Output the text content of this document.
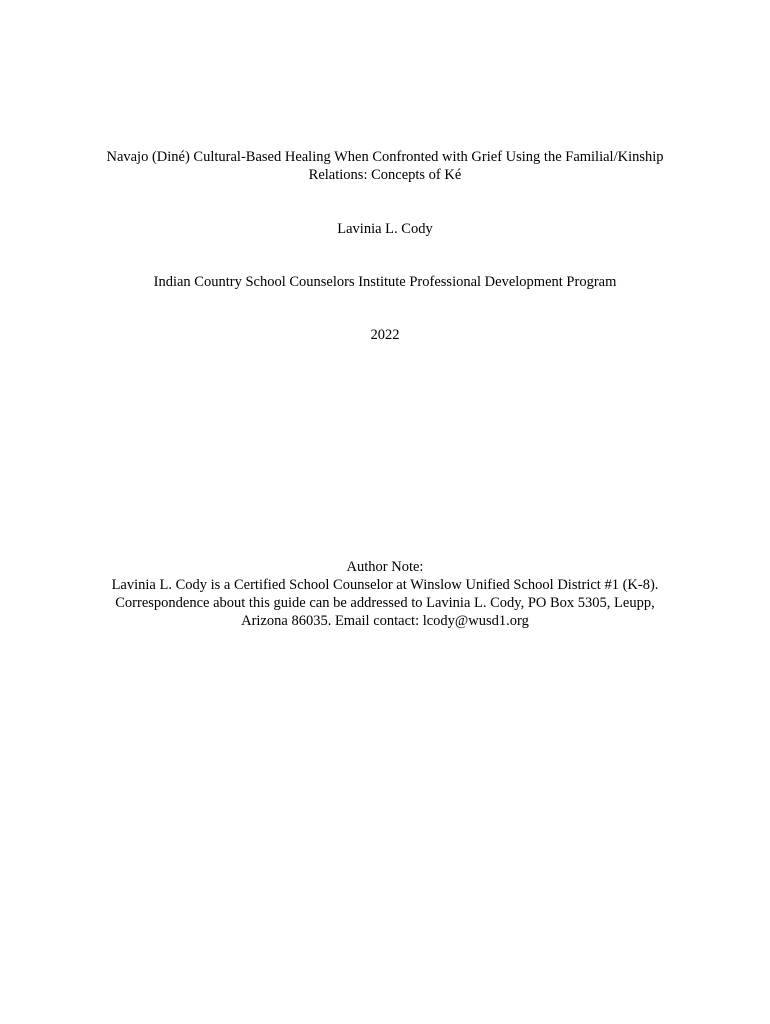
Navajo (Diné) Cultural-Based Healing When Confronted with Grief Using the Familial/Kinship
Relations: Concepts of Ké
Lavinia L. Cody
Indian Country School Counselors Institute Professional Development Program
2022
Author Note:
Lavinia L. Cody is a Certified School Counselor at Winslow Unified School District #1 (K-8).
Correspondence about this guide can be addressed to Lavinia L. Cody, PO Box 5305, Leupp,
Arizona 86035. Email contact: lcody@wusd1.org
